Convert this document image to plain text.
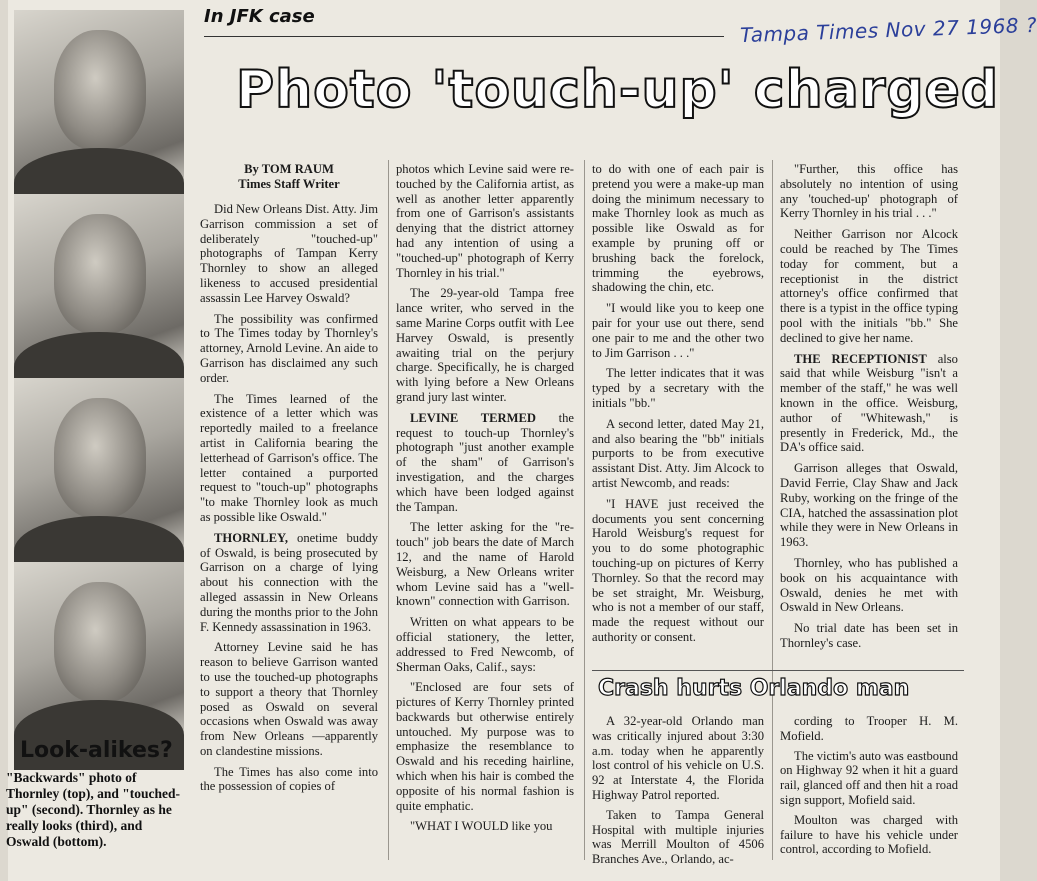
Tampa Times Nov 27 1968 ?
In JFK case
Photo 'touch-up' charged
Look-alikes?
"Backwards" photo of Thornley (top), and "touched-up" (second). Thornley as he really looks (third), and Oswald (bottom).

By TOM RAUM
Times Staff Writer

Did New Orleans Dist. Atty. Jim Garrison commission a set of deliberately "touched-up" photographs of Tampan Kerry Thornley to show an alleged likeness to accused presidential assassin Lee Harvey Oswald?

The possibility was confirmed to The Times today by Thornley's attorney, Arnold Levine. An aide to Garrison has disclaimed any such order.

The Times learned of the existence of a letter which was reportedly mailed to a freelance artist in California bearing the letterhead of Garrison's office. The letter contained a purported request to "touch-up" photographs "to make Thornley look as much as possible like Oswald."

THORNLEY, onetime buddy of Oswald, is being prosecuted by Garrison on a charge of lying about his connection with the alleged assassin in New Orleans during the months prior to the John F. Kennedy assassination in 1963.

Attorney Levine said he has reason to believe Garrison wanted to use the touched-up photographs to support a theory that Thornley posed as Oswald on several occasions when Oswald was away from New Orleans —apparently on clandestine missions.

The Times has also come into the possession of copies of

photos which Levine said were re-touched by the California artist, as well as another letter apparently from one of Garrison's assistants denying that the district attorney had any intention of using a "touched-up" photograph of Kerry Thornley in his trial."

The 29-year-old Tampa free lance writer, who served in the same Marine Corps outfit with Lee Harvey Oswald, is presently awaiting trial on the perjury charge. Specifically, he is charged with lying before a New Orleans grand jury last winter.

LEVINE TERMED the request to touch-up Thornley's photograph "just another example of the sham" of Garrison's investigation, and the charges which have been lodged against the Tampan.

The letter asking for the "re-touch" job bears the date of March 12, and the name of Harold Weisburg, a New Orleans writer whom Levine said has a "well-known" connection with Garrison.

Written on what appears to be official stationery, the letter, addressed to Fred Newcomb, of Sherman Oaks, Calif., says:

"Enclosed are four sets of pictures of Kerry Thornley printed backwards but otherwise entirely untouched. My purpose was to emphasize the resemblance to Oswald and his receding hairline, which when his hair is combed the opposite of his normal fashion is quite emphatic.

"WHAT I WOULD like you

to do with one of each pair is pretend you were a make-up man doing the minimum necessary to make Thornley look as much as possible like Oswald as for example by pruning off or brushing back the forelock, trimming the eyebrows, shadowing the chin, etc.

"I would like you to keep one pair for your use out there, send one pair to me and the other two to Jim Garrison . . ."

The letter indicates that it was typed by a secretary with the initials "bb."

A second letter, dated May 21, and also bearing the "bb" initials purports to be from executive assistant Dist. Atty. Jim Alcock to artist Newcomb, and reads:

"I HAVE just received the documents you sent concerning Harold Weisburg's request for you to do some photographic touching-up on pictures of Kerry Thornley. So that the record may be set straight, Mr. Weisburg, who is not a member of our staff, made the request without our authority or consent.

"Further, this office has absolutely no intention of using any 'touched-up' photograph of Kerry Thornley in his trial . . ."

Neither Garrison nor Alcock could be reached by The Times today for comment, but a receptionist in the district attorney's office confirmed that there is a typist in the office typing pool with the initials "bb." She declined to give her name.

THE RECEPTIONIST also said that while Weisburg "isn't a member of the staff," he was well known in the office. Weisburg, author of "Whitewash," is presently in Frederick, Md., the DA's office said.

Garrison alleges that Oswald, David Ferrie, Clay Shaw and Jack Ruby, working on the fringe of the CIA, hatched the assassination plot while they were in New Orleans in 1963.

Thornley, who has published a book on his acquaintance with Oswald, denies he met with Oswald in New Orleans.

No trial date has been set in Thornley's case.

Crash hurts Orlando man

A 32-year-old Orlando man was critically injured about 3:30 a.m. today when he apparently lost control of his vehicle on U.S. 92 at Interstate 4, the Florida Highway Patrol reported.

Taken to Tampa General Hospital with multiple injuries was Merrill Moulton of 4506 Branches Ave., Orlando, ac-

cording to Trooper H. M. Mofield.

The victim's auto was eastbound on Highway 92 when it hit a guard rail, glanced off and then hit a road sign support, Mofield said.

Moulton was charged with failure to have his vehicle under control, according to Mofield.
